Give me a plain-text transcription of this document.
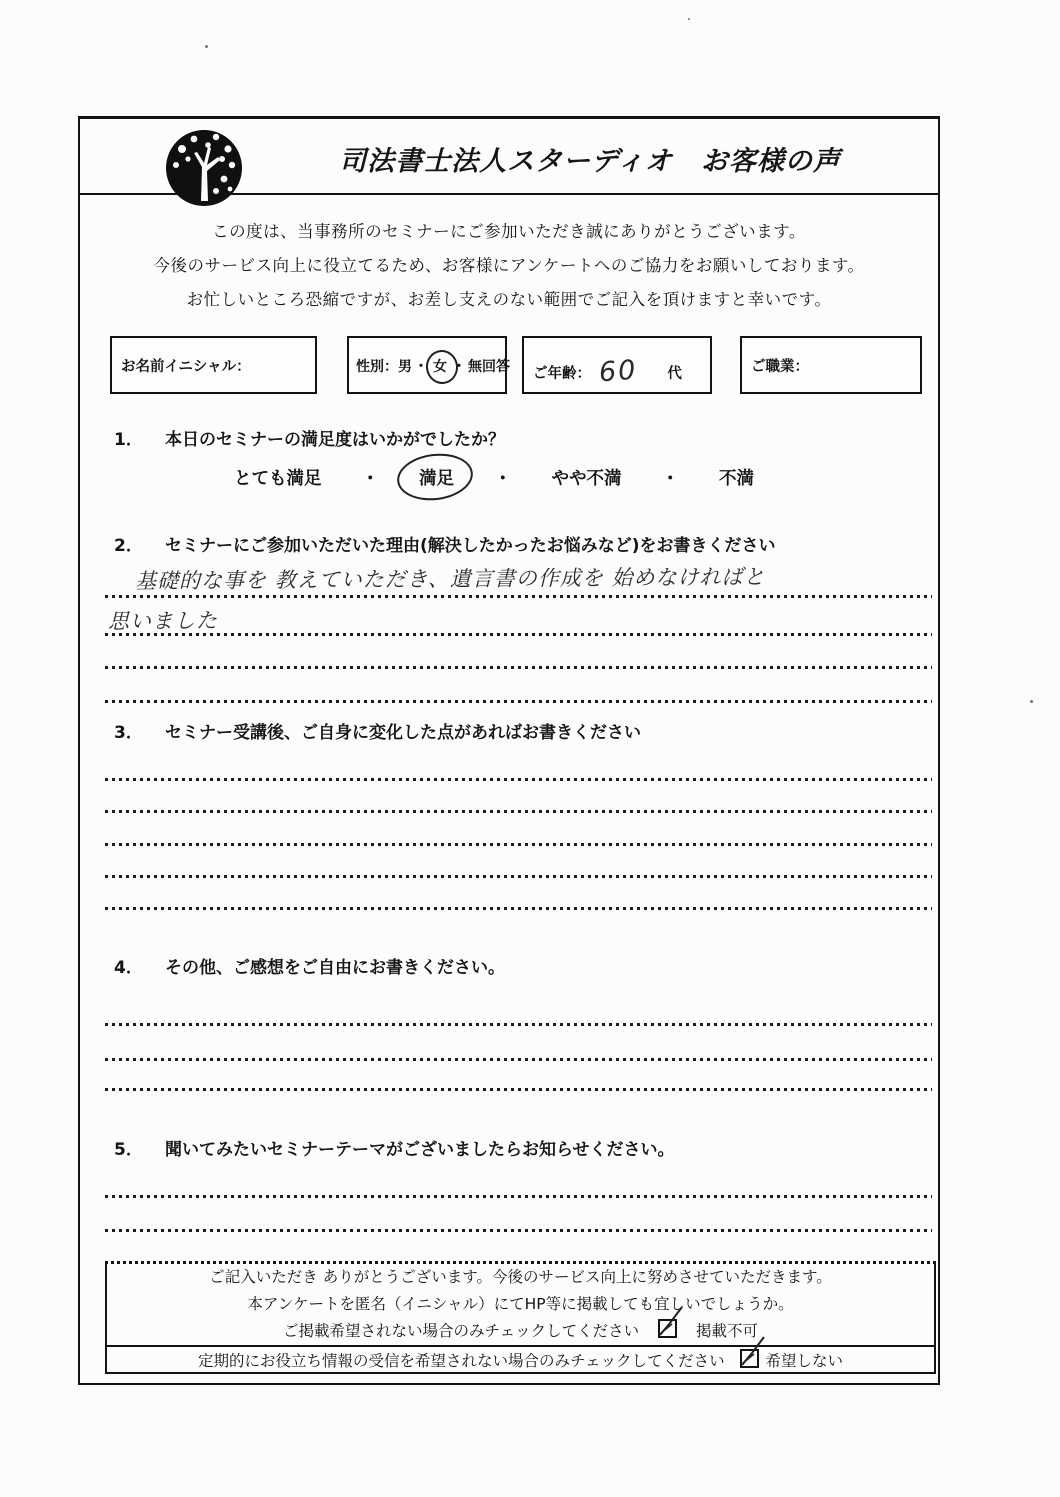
司法書士法人スターディオ　お客様の声
この度は、当事務所のセミナーにご参加いただき誠にありがとうございます。
今後のサービス向上に役立てるため、お客様にアンケートへのご協力をお願いしております。
お忙しいところ恐縮ですが、お差し支えのない範囲でご記入を頂けますと幸いです。
お名前イニシャル：	性別：男 ・ 女 ・ 無回答 ご年齢： 60 代	ご職業：
1． 本日のセミナーの満足度はいかがでしたか？
とても満足	・	満足	・	やや不満	・	不満
2． セミナーにご参加いただいた理由(解決したかったお悩みなど)をお書きください
基礎的な事を 教えていただき、遺言書の作成を 始めなければと
思いました
3． セミナー受講後、ご自身に変化した点があればお書きください
4． その他、ご感想をご自由にお書きください。
5． 聞いてみたいセミナーテーマがございましたらお知らせください。
ご記入いただき ありがとうございます。今後のサービス向上に努めさせていただきます。
本アンケートを匿名（イニシャル）にてHP等に掲載しても宜しいでしょうか。
ご掲載希望されない場合のみチェックしてください	掲載不可
定期的にお役立ち情報の受信を希望されない場合のみチェックしてください	希望しない
